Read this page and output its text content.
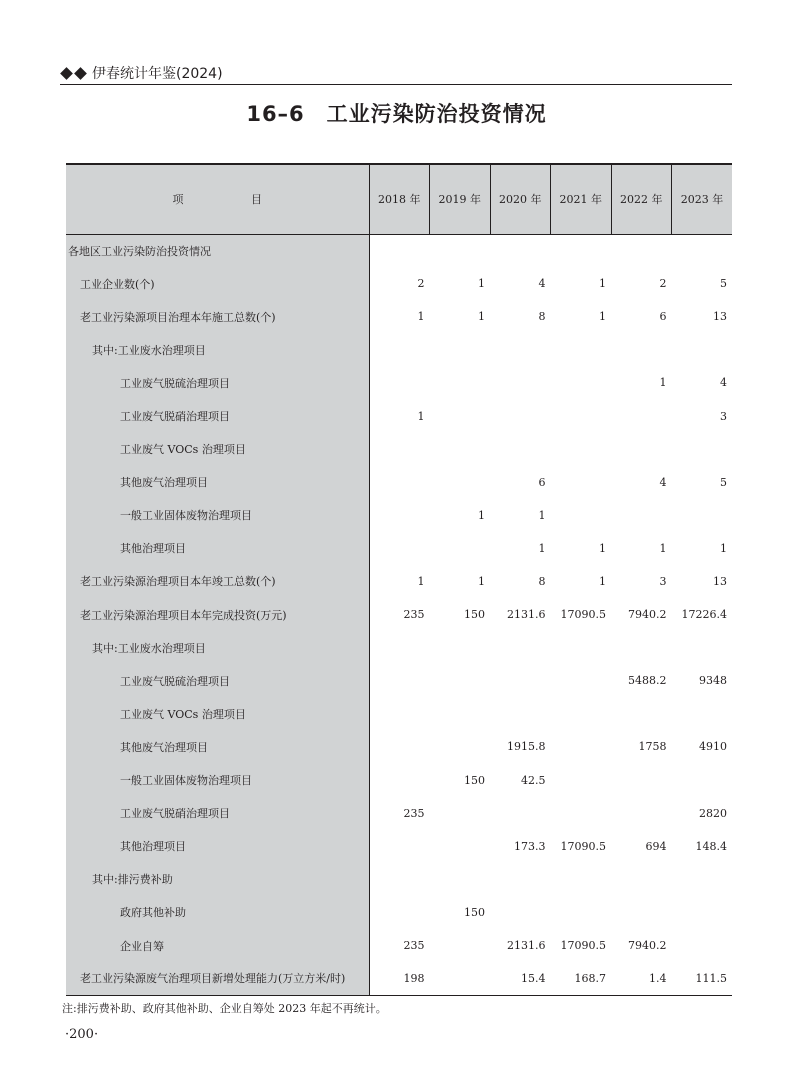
伊春统计年鉴(2024)
16–6 工业污染防治投资情况
项 目	2018 年	2019 年	2020 年	2021 年	2022 年	2023 年
各地区工业污染防治投资情况						
工业企业数(个)	2	1	4	1	2	5
老工业污染源项目治理本年施工总数(个)	1	1	8	1	6	13
其中:工业废水治理项目						
工业废气脱硫治理项目					1	4
工业废气脱硝治理项目	1					3
工业废气 VOCs 治理项目						
其他废气治理项目			6		4	5
一般工业固体废物治理项目		1	1			
其他治理项目			1	1	1	1
老工业污染源治理项目本年竣工总数(个)	1	1	8	1	3	13
老工业污染源治理项目本年完成投资(万元)	235	150	2131.6	17090.5	7940.2	17226.4
其中:工业废水治理项目						
工业废气脱硫治理项目					5488.2	9348
工业废气 VOCs 治理项目						
其他废气治理项目			1915.8		1758	4910
一般工业固体废物治理项目		150	42.5			
工业废气脱硝治理项目	235					2820
其他治理项目			173.3	17090.5	694	148.4
其中:排污费补助						
政府其他补助		150				
企业自筹	235		2131.6	17090.5	7940.2	
老工业污染源废气治理项目新增处理能力(万立方米/时)	198		15.4	168.7	1.4	111.5
注:排污费补助、政府其他补助、企业自筹处 2023 年起不再统计。
·200·
